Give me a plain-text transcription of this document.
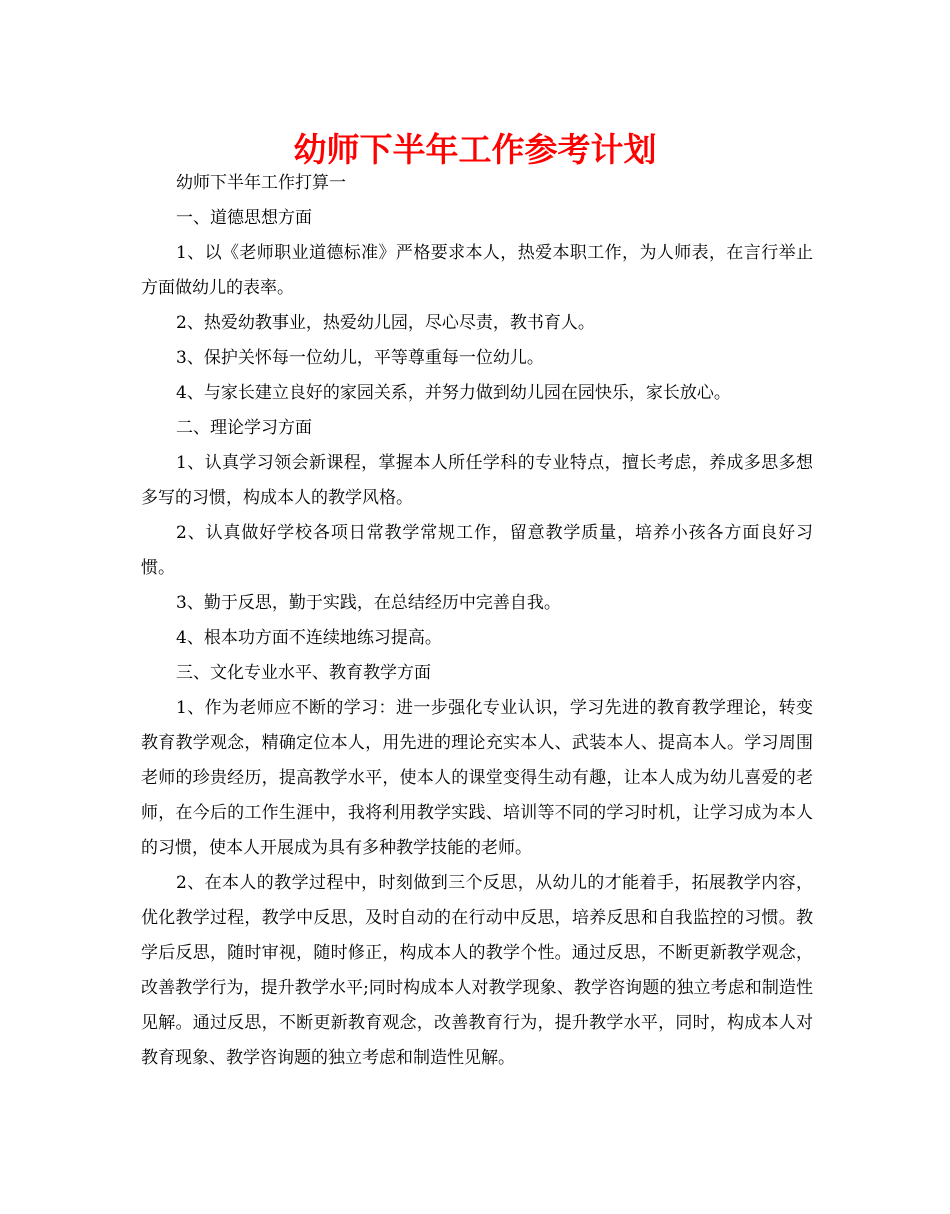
幼师下半年工作参考计划

幼师下半年工作打算一

一、道德思想方面

1、以《老师职业道德标准》严格要求本人，热爱本职工作，为人师表，在言行举止方面做幼儿的表率。

2、热爱幼教事业，热爱幼儿园，尽心尽责，教书育人。

3、保护关怀每一位幼儿，平等尊重每一位幼儿。

4、与家长建立良好的家园关系，并努力做到幼儿园在园快乐，家长放心。

二、理论学习方面

1、认真学习领会新课程，掌握本人所任学科的专业特点，擅长考虑，养成多思多想多写的习惯，构成本人的教学风格。

2、认真做好学校各项日常教学常规工作，留意教学质量，培养小孩各方面良好习惯。

3、勤于反思，勤于实践，在总结经历中完善自我。

4、根本功方面不连续地练习提高。

三、文化专业水平、教育教学方面

1、作为老师应不断的学习：进一步强化专业认识，学习先进的教育教学理论，转变教育教学观念，精确定位本人，用先进的理论充实本人、武装本人、提高本人。学习周围老师的珍贵经历，提高教学水平，使本人的课堂变得生动有趣，让本人成为幼儿喜爱的老师，在今后的工作生涯中，我将利用教学实践、培训等不同的学习时机，让学习成为本人的习惯，使本人开展成为具有多种教学技能的老师。

2、在本人的教学过程中，时刻做到三个反思，从幼儿的才能着手，拓展教学内容，优化教学过程，教学中反思，及时自动的在行动中反思，培养反思和自我监控的习惯。教学后反思，随时审视，随时修正，构成本人的教学个性。通过反思，不断更新教学观念，改善教学行为，提升教学水平;同时构成本人对教学现象、教学咨询题的独立考虑和制造性见解。通过反思，不断更新教育观念，改善教育行为，提升教学水平，同时，构成本人对教育现象、教学咨询题的独立考虑和制造性见解。
